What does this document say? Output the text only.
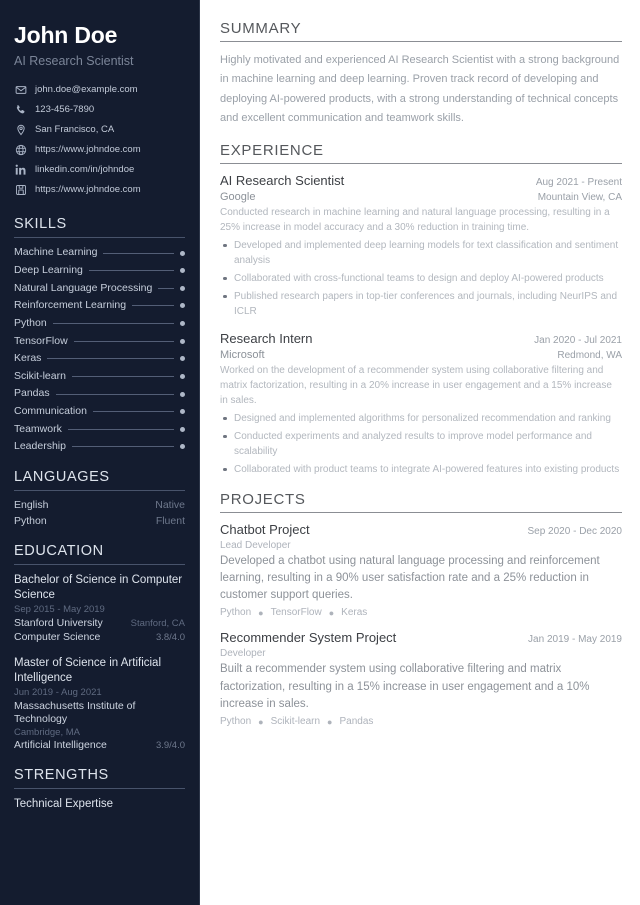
John Doe
AI Research Scientist
john.doe@example.com
123-456-7890
San Francisco, CA
https://www.johndoe.com
linkedin.com/in/johndoe
https://www.johndoe.com
SKILLS
Machine Learning
Deep Learning
Natural Language Processing
Reinforcement Learning
Python
TensorFlow
Keras
Scikit-learn
Pandas
Communication
Teamwork
Leadership
LANGUAGES
English	Native
Python	Fluent
EDUCATION
Bachelor of Science in Computer Science
Sep 2015 - May 2019
Stanford University	Stanford, CA
Computer Science	3.8/4.0
Master of Science in Artificial Intelligence
Jun 2019 - Aug 2021
Massachusetts Institute of Technology
Cambridge, MA
Artificial Intelligence	3.9/4.0
STRENGTHS
Technical Expertise
SUMMARY

Highly motivated and experienced AI Research Scientist with a strong background in machine learning and deep learning. Proven track record of developing and deploying AI-powered products, with a strong understanding of technical concepts and excellent communication and teamwork skills.

EXPERIENCE
AI Research Scientist	Aug 2021 - Present
Google	Mountain View, CA

Conducted research in machine learning and natural language processing, resulting in a 25% increase in model accuracy and a 30% reduction in training time.

Developed and implemented deep learning models for text classification and sentiment analysis
Collaborated with cross-functional teams to design and deploy AI-powered products
Published research papers in top-tier conferences and journals, including NeurIPS and ICLR
Research Intern	Jan 2020 - Jul 2021
Microsoft	Redmond, WA

Worked on the development of a recommender system using collaborative filtering and matrix factorization, resulting in a 20% increase in user engagement and a 15% increase in sales.

Designed and implemented algorithms for personalized recommendation and ranking
Conducted experiments and analyzed results to improve model performance and scalability
Collaborated with product teams to integrate AI-powered features into existing products
PROJECTS
Chatbot Project	Sep 2020 - Dec 2020
Lead Developer

Developed a chatbot using natural language processing and reinforcement learning, resulting in a 90% user satisfaction rate and a 25% reduction in customer support queries.

Python ● TensorFlow ● Keras
Recommender System Project	Jan 2019 - May 2019
Developer

Built a recommender system using collaborative filtering and matrix factorization, resulting in a 15% increase in user engagement and a 10% increase in sales.

Python ● Scikit-learn ● Pandas
